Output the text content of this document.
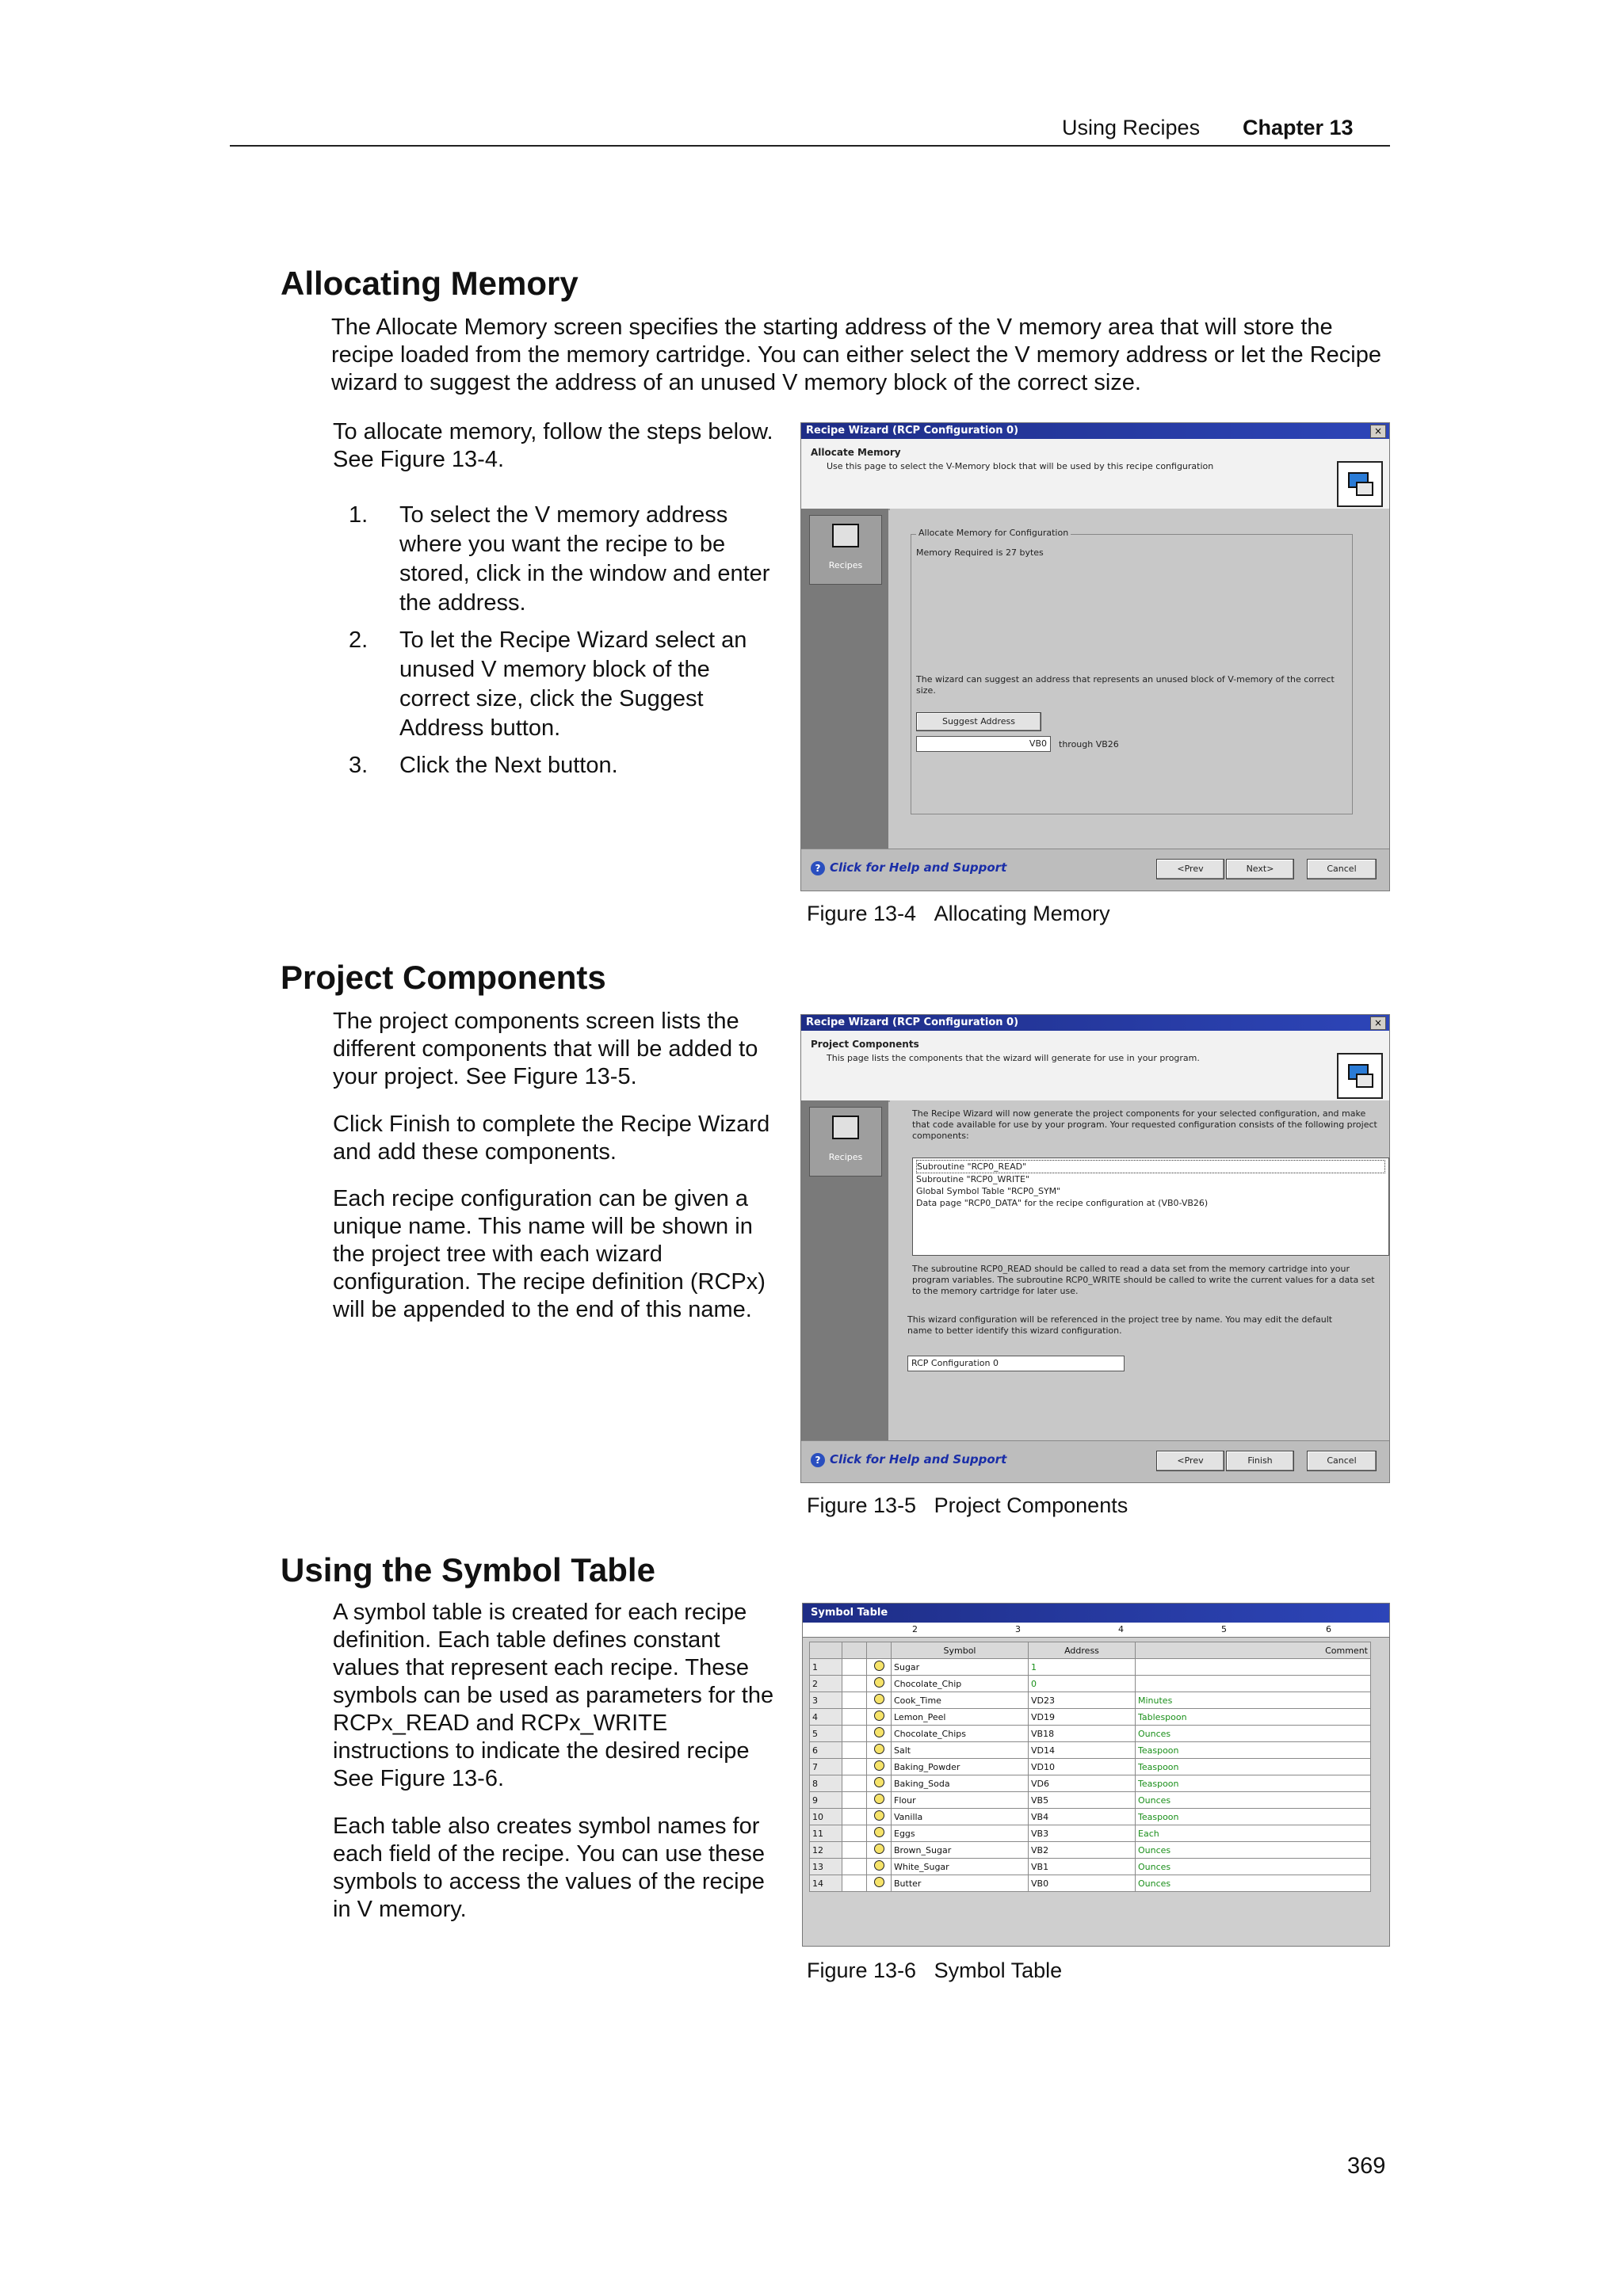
Using Recipes Chapter 13
Allocating Memory
The Allocate Memory screen specifies the starting address of the V memory area that will store the recipe loaded from the memory cartridge. You can either select the V memory address or let the Recipe wizard to suggest the address of an unused V memory block of the correct size.
To allocate memory, follow the steps below. See Figure 13-4.
1. To select the V memory address where you want the recipe to be stored, click in the window and enter the address.
2. To let the Recipe Wizard select an unused V memory block of the correct size, click the Suggest Address button.
3. Click the Next button.
Recipe Wizard (RCP Configuration 0)	×
Allocate Memory
Use this page to select the V-Memory block that will be used by this recipe configuration
Recipes
Allocate Memory for Configuration
Memory Required is 27 bytes
The wizard can suggest an address that represents an unused block of V-memory of the correct size.
Suggest Address
VB0	through VB26
? Click for Help and Support	<Prev	Next>	Cancel
Figure 13-4 Allocating Memory
Project Components
The project components screen lists the different components that will be added to your project. See Figure 13-5.
Click Finish to complete the Recipe Wizard and add these components.
Each recipe configuration can be given a unique name. This name will be shown in the project tree with each wizard configuration. The recipe definition (RCPx) will be appended to the end of this name.
Recipe Wizard (RCP Configuration 0)	×
Project Components
This page lists the components that the wizard will generate for use in your program.
Recipes
The Recipe Wizard will now generate the project components for your selected configuration, and make that code available for use by your program. Your requested configuration consists of the following project components:
Subroutine "RCP0_READ"
Subroutine "RCP0_WRITE"
Global Symbol Table "RCP0_SYM"
Data page "RCP0_DATA" for the recipe configuration at (VB0-VB26)
The subroutine RCP0_READ should be called to read a data set from the memory cartridge into your program variables. The subroutine RCP0_WRITE should be called to write the current values for a data set to the memory cartridge for later use.
This wizard configuration will be referenced in the project tree by name. You may edit the default name to better identify this wizard configuration.
RCP Configuration 0
? Click for Help and Support	<Prev	Finish	Cancel
Figure 13-5 Project Components
Using the Symbol Table
A symbol table is created for each recipe definition. Each table defines constant values that represent each recipe. These symbols can be used as parameters for the RCPx_READ and RCPx_WRITE instructions to indicate the desired recipe See Figure 13-6.
Each table also creates symbol names for each field of the recipe. You can use these symbols to access the values of the recipe in V memory.
Symbol Table
2	3	4	5	6
			Symbol	Address	Comment
1			Sugar	1	
2			Chocolate_Chip	0	
3			Cook_Time	VD23	Minutes
4			Lemon_Peel	VD19	Tablespoon
5			Chocolate_Chips	VB18	Ounces
6			Salt	VD14	Teaspoon
7			Baking_Powder	VD10	Teaspoon
8			Baking_Soda	VD6	Teaspoon
9			Flour	VB5	Ounces
10			Vanilla	VB4	Teaspoon
11			Eggs	VB3	Each
12			Brown_Sugar	VB2	Ounces
13			White_Sugar	VB1	Ounces
14			Butter	VB0	Ounces
Figure 13-6 Symbol Table
369
